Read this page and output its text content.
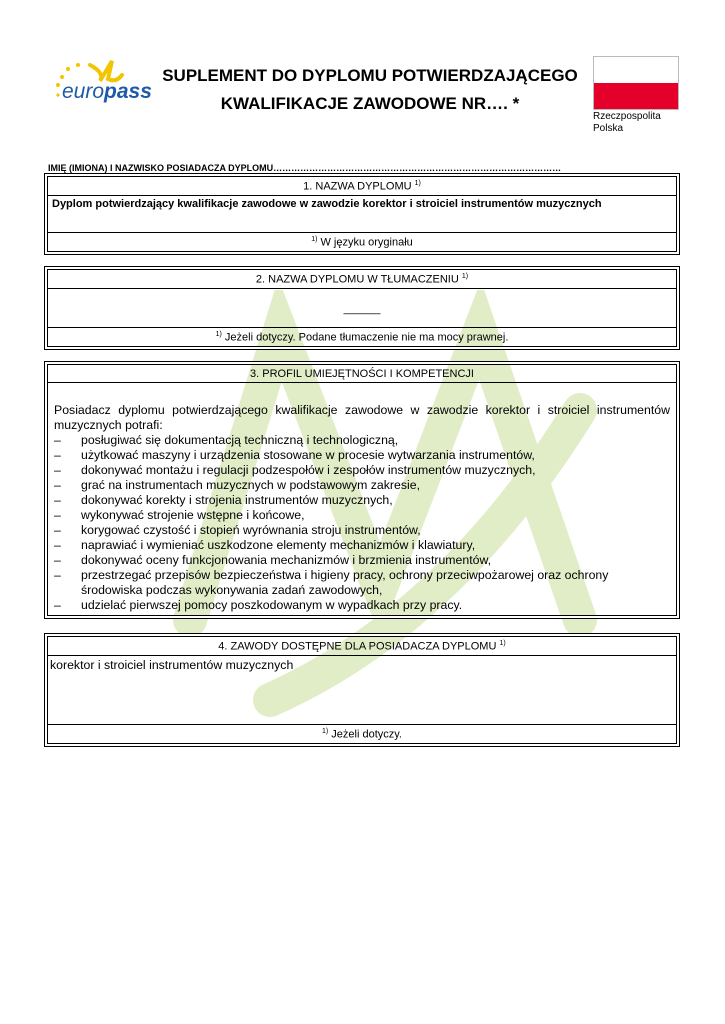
europass
SUPLEMENT DO DYPLOMU POTWIERDZAJĄCEGO
KWALIFIKACJE ZAWODOWE NR…. *
Rzeczpospolita
Polska
IMIĘ (IMIONA) I NAZWISKO POSIADACZA DYPLOMU……………………………………………………………………………………
1. NAZWA DYPLOMU $^{1)}$
Dyplom potwierdzający kwalifikacje zawodowe w zawodzie korektor i stroiciel instrumentów muzycznych
$^{1)}$ W języku oryginału
2. NAZWA DYPLOMU W TŁUMACZENIU $^{1)}$
______
$^{1)}$ Jeżeli dotyczy. Podane tłumaczenie nie ma mocy prawnej.
3. PROFIL UMIEJĘTNOŚCI I KOMPETENCJI

Posiadacz dyplomu potwierdzającego kwalifikacje zawodowe w zawodzie korektor i stroiciel instrumentów muzycznych potrafi:

– posługiwać się dokumentacją techniczną i technologiczną,
– użytkować maszyny i urządzenia stosowane w procesie wytwarzania instrumentów,
– dokonywać montażu i regulacji podzespołów i zespołów instrumentów muzycznych,
– grać na instrumentach muzycznych w podstawowym zakresie,
– dokonywać korekty i strojenia instrumentów muzycznych,
– wykonywać strojenie wstępne i końcowe,
– korygować czystość i stopień wyrównania stroju instrumentów,
– naprawiać i wymieniać uszkodzone elementy mechanizmów i klawiatury,
– dokonywać oceny funkcjonowania mechanizmów i brzmienia instrumentów,
– przestrzegać przepisów bezpieczeństwa i higieny pracy, ochrony przeciwpożarowej oraz ochrony środowiska podczas wykonywania zadań zawodowych,
– udzielać pierwszej pomocy poszkodowanym w wypadkach przy pracy.
4. ZAWODY DOSTĘPNE DLA POSIADACZA DYPLOMU $^{1)}$
korektor i stroiciel instrumentów muzycznych
$^{1)}$ Jeżeli dotyczy.
